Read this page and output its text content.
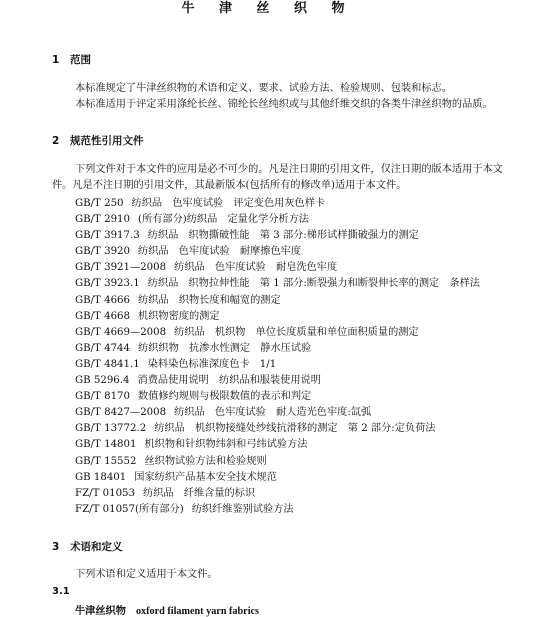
牛 津 丝 织 物
1 范围
本标准规定了牛津丝织物的术语和定义、要求、试验方法、检验规则、包装和标志。
本标准适用于评定采用涤纶长丝、锦纶长丝纯织或与其他纤维交织的各类牛津丝织物的品质。
2 规范性引用文件
下列文件对于本文件的应用是必不可少的。凡是注日期的引用文件，仅注日期的版本适用于本文
件。凡是不注日期的引用文件，其最新版本(包括所有的修改单)适用于本文件。
GB/T 250 纺织品　色牢度试验　评定变色用灰色样卡
GB/T 2910 (所有部分)纺织品　定量化学分析方法
GB/T 3917.3 纺织品　织物撕破性能　第 3 部分:梯形试样撕破强力的测定
GB/T 3920 纺织品　色牢度试验　耐摩擦色牢度
GB/T 3921—2008 纺织品　色牢度试验　耐皂洗色牢度
GB/T 3923.1 纺织品　织物拉伸性能　第 1 部分:断裂强力和断裂伸长率的测定　条样法
GB/T 4666 纺织品　织物长度和幅宽的测定
GB/T 4668 机织物密度的测定
GB/T 4669—2008 纺织品　机织物　单位长度质量和单位面积质量的测定
GB/T 4744 纺织织物　抗渗水性测定　静水压试验
GB/T 4841.1 染料染色标准深度色卡　1/1
GB 5296.4 消费品使用说明　纺织品和服装使用说明
GB/T 8170 数值修约规则与极限数值的表示和判定
GB/T 8427—2008 纺织品　色牢度试验　耐人造光色牢度:氙弧
GB/T 13772.2 纺织品　机织物接缝处纱线抗滑移的测定　第 2 部分:定负荷法
GB/T 14801 机织物和针织物纬斜和弓纬试验方法
GB/T 15552 丝织物试验方法和检验规则
GB 18401 国家纺织产品基本安全技术规范
FZ/T 01053 纺织品　纤维含量的标识
FZ/T 01057(所有部分) 纺织纤维鉴别试验方法
3 术语和定义
下列术语和定义适用于本文件。
3.1
牛津丝织物 oxford filament yarn fabrics
